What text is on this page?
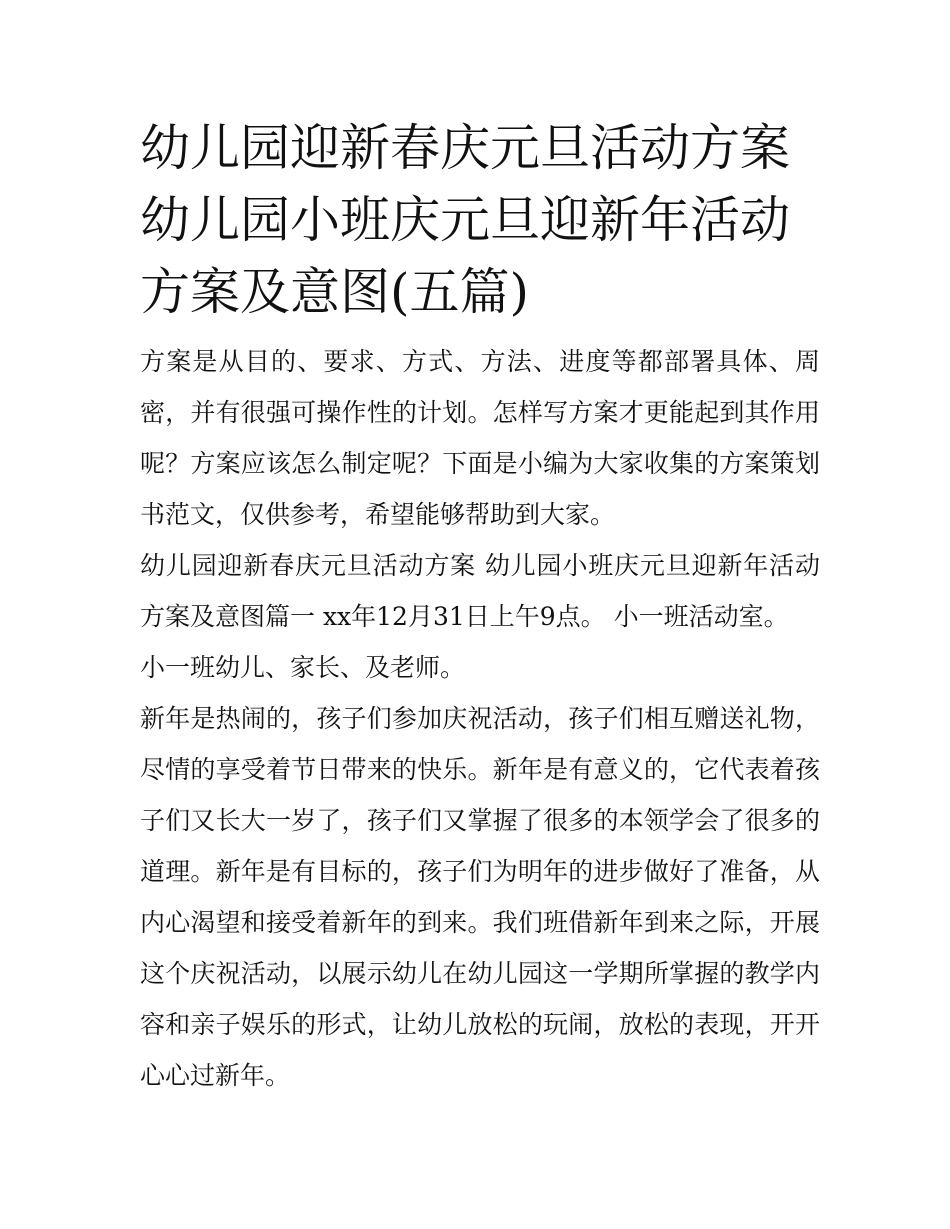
幼儿园迎新春庆元旦活动方案 幼儿园小班庆元旦迎新年活动方案及意图(五篇)

方案是从目的、要求、方式、方法、进度等都部署具体、周密，并有很强可操作性的计划。怎样写方案才更能起到其作用呢？方案应该怎么制定呢？下面是小编为大家收集的方案策划书范文，仅供参考，希望能够帮助到大家。

幼儿园迎新春庆元旦活动方案 幼儿园小班庆元旦迎新年活动方案及意图篇一 xx年12月31日上午9点。 小一班活动室。

小一班幼儿、家长、及老师。

新年是热闹的，孩子们参加庆祝活动，孩子们相互赠送礼物，尽情的享受着节日带来的快乐。新年是有意义的，它代表着孩子们又长大一岁了，孩子们又掌握了很多的本领学会了很多的道理。新年是有目标的，孩子们为明年的进步做好了准备，从内心渴望和接受着新年的到来。我们班借新年到来之际，开展这个庆祝活动，以展示幼儿在幼儿园这一学期所掌握的教学内容和亲子娱乐的形式，让幼儿放松的玩闹，放松的表现，开开心心过新年。
